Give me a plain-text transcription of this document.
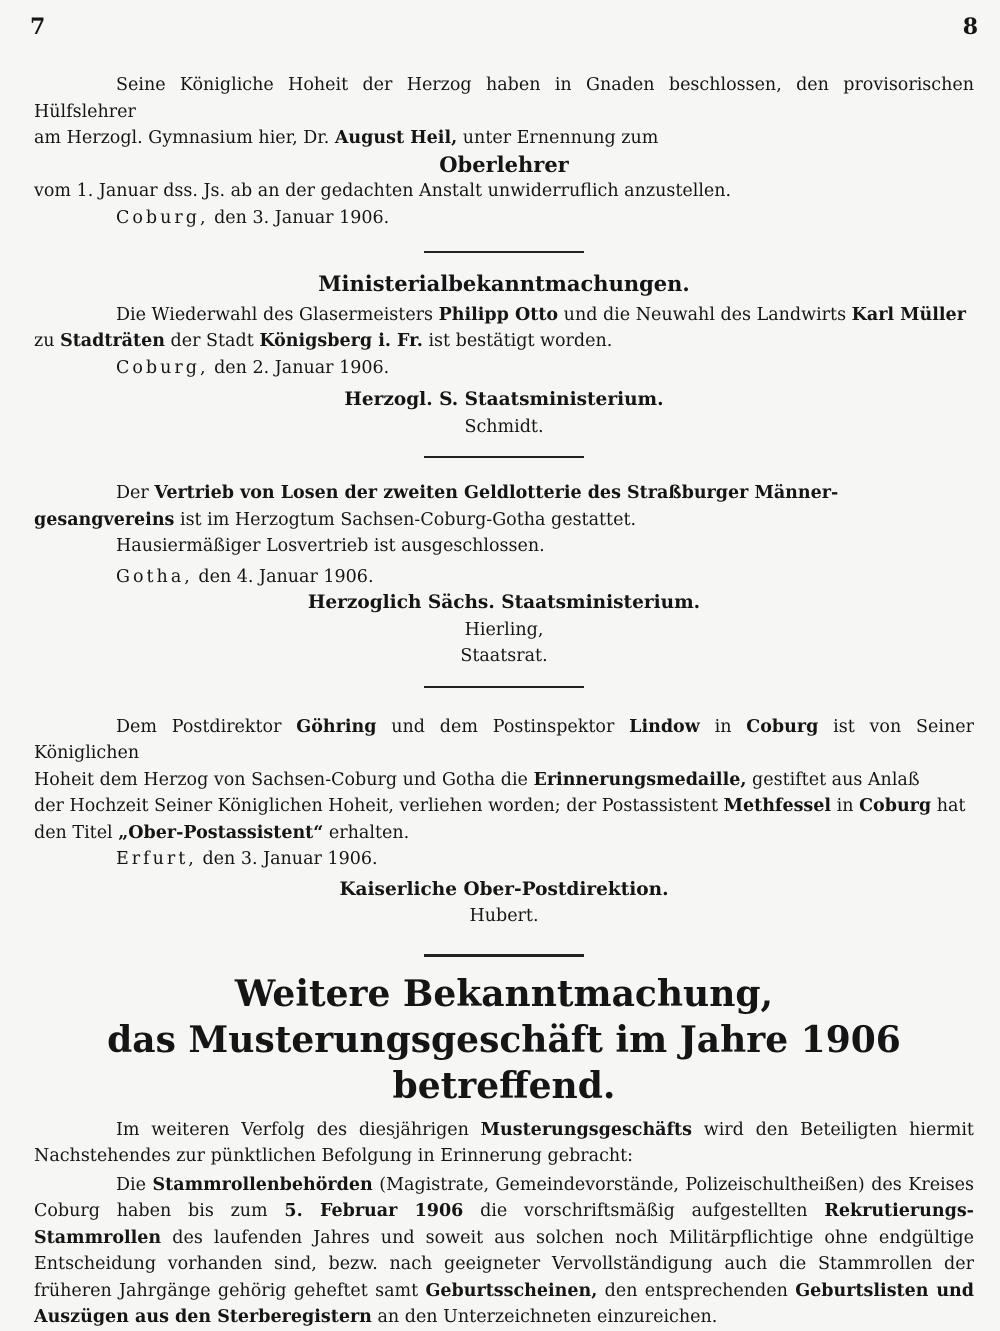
7	8

Seine Königliche Hoheit der Herzog haben in Gnaden beschlossen, den provisorischen Hülfslehrer

am Herzogl. Gymnasium hier, Dr. August Heil, unter Ernennung zum

Oberlehrer

vom 1. Januar dss. Js. ab an der gedachten Anstalt unwiderruflich anzustellen.

Coburg, den 3. Januar 1906.

Ministerialbekanntmachungen.

Die Wiederwahl des Glasermeisters Philipp Otto und die Neuwahl des Landwirts Karl Müller

zu Stadträten der Stadt Königsberg i. Fr. ist bestätigt worden.

Coburg, den 2. Januar 1906.

Herzogl. S. Staatsministerium.

Schmidt.

Der Vertrieb von Losen der zweiten Geldlotterie des Straßburger Männer-

gesangvereins ist im Herzogtum Sachsen-Coburg-Gotha gestattet.

Hausiermäßiger Losvertrieb ist ausgeschlossen.

Gotha, den 4. Januar 1906.

Herzoglich Sächs. Staatsministerium.

Hierling,

Staatsrat.

Dem Postdirektor Göhring und dem Postinspektor Lindow in Coburg ist von Seiner Königlichen

Hoheit dem Herzog von Sachsen-Coburg und Gotha die Erinnerungsmedaille, gestiftet aus Anlaß

der Hochzeit Seiner Königlichen Hoheit, verliehen worden; der Postassistent Methfessel in Coburg hat

den Titel „Ober-Postassistent“ erhalten.

Erfurt, den 3. Januar 1906.

Kaiserliche Ober-Postdirektion.

Hubert.

Weitere Bekanntmachung,
das Musterungsgeschäft im Jahre 1906 betreffend.

Im weiteren Verfolg des diesjährigen Musterungsgeschäfts wird den Beteiligten hiermit Nachstehendes zur pünktlichen Befolgung in Erinnerung gebracht:

Die Stammrollenbehörden (Magistrate, Gemeindevorstände, Polizeischultheißen) des Kreises Coburg haben bis zum 5. Februar 1906 die vorschriftsmäßig aufgestellten Rekrutierungs-Stammrollen des laufenden Jahres und soweit aus solchen noch Militärpflichtige ohne endgültige Entscheidung vorhanden sind, bezw. nach geeigneter Vervollständigung auch die Stammrollen der früheren Jahrgänge gehörig geheftet samt Geburtsscheinen, den entsprechenden Geburtslisten und Auszügen aus den Sterberegistern an den Unterzeichneten einzureichen.
